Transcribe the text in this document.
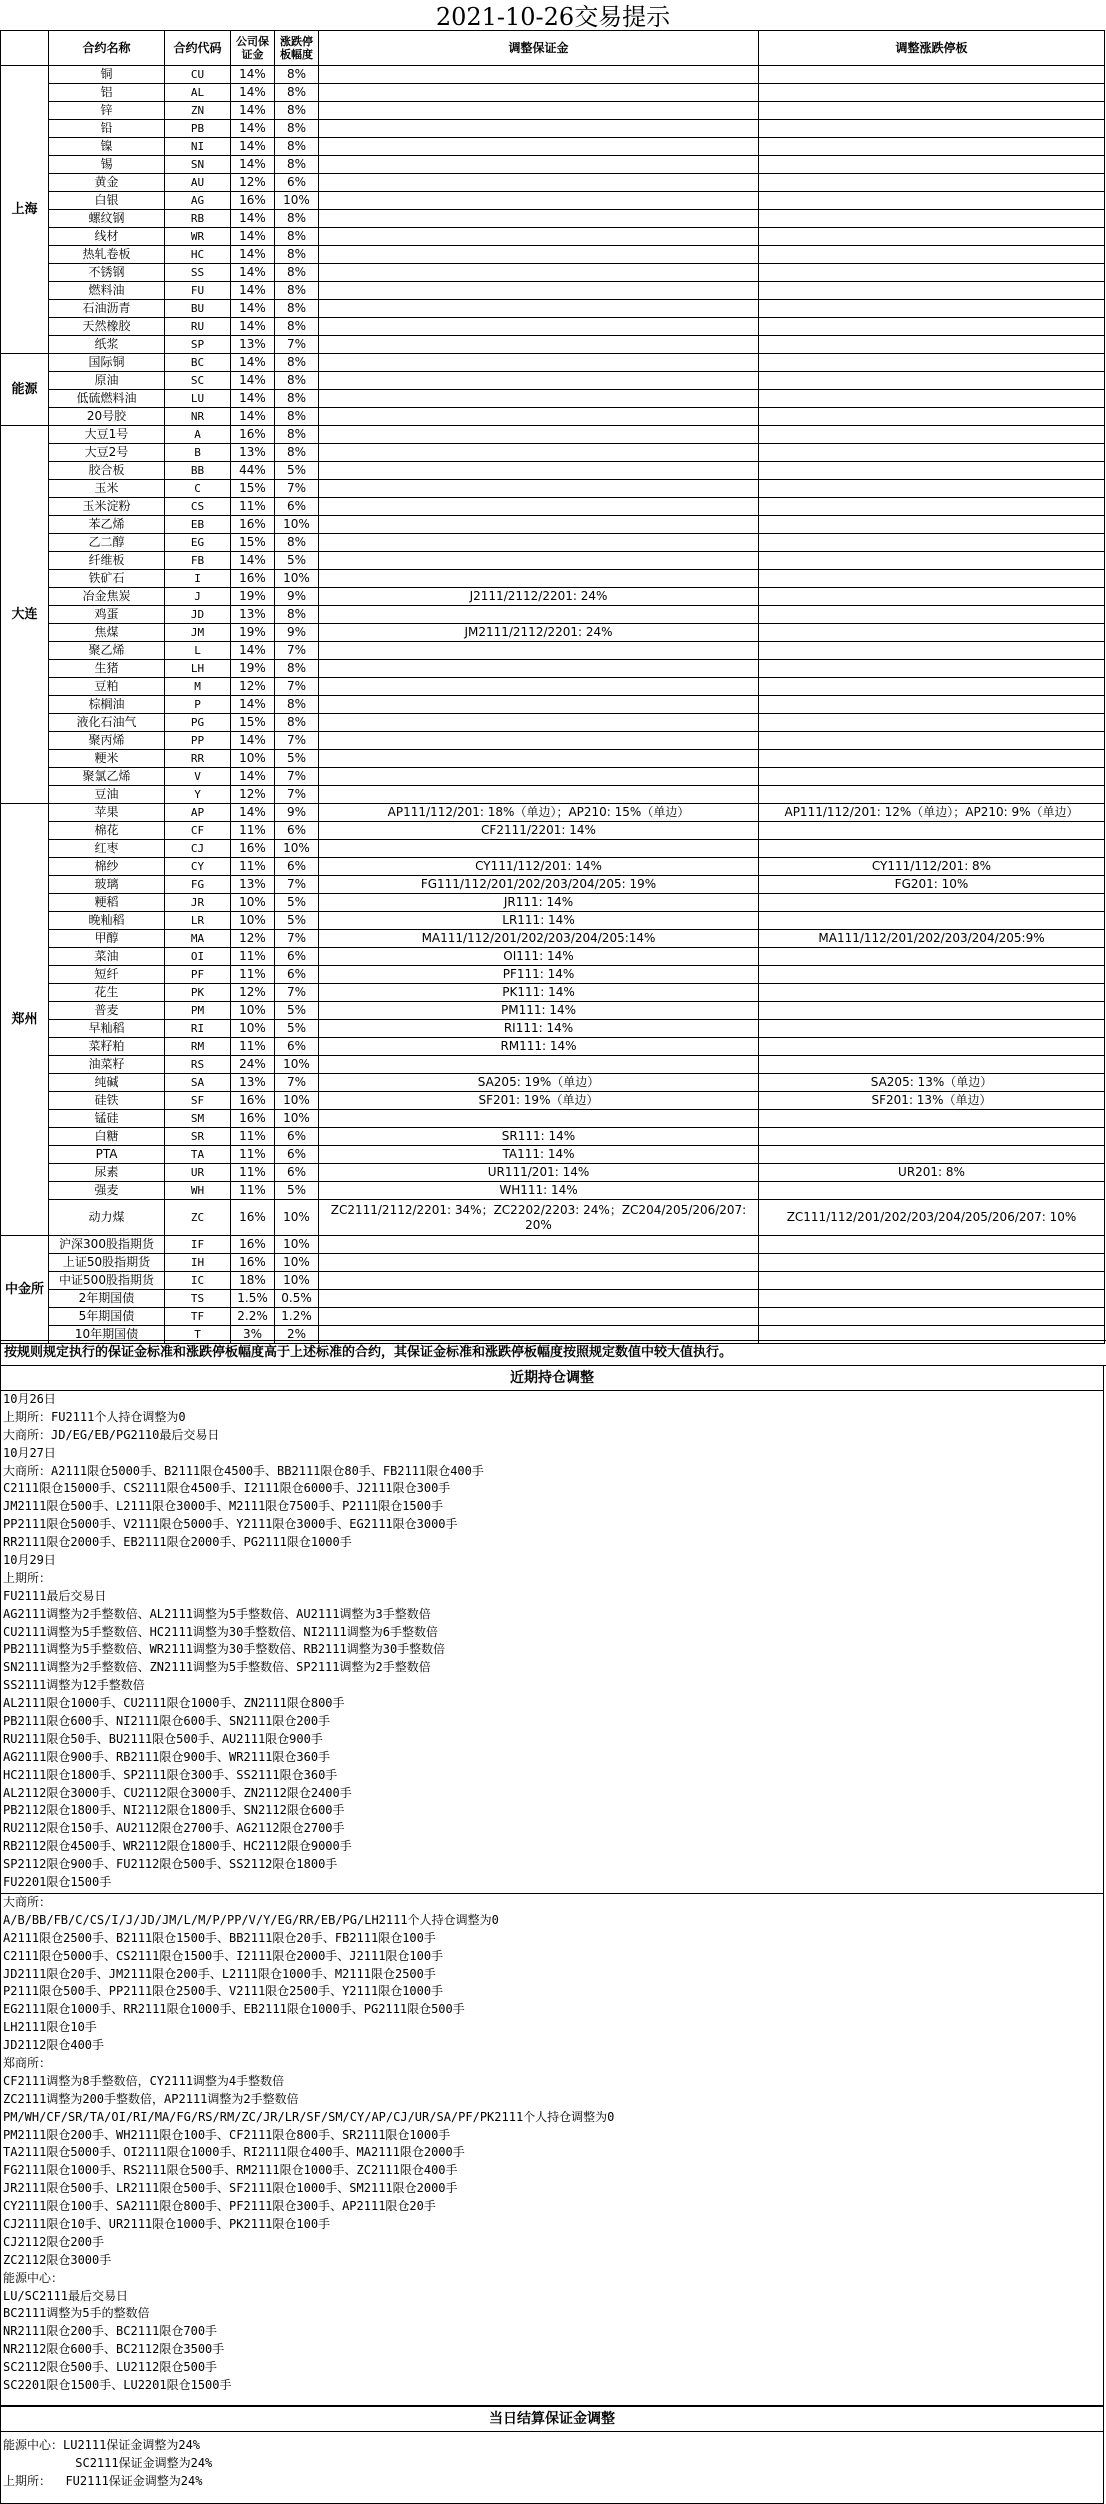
2021-10-26交易提示
	合约名称	合约代码	公司保证金	涨跌停板幅度	调整保证金	调整涨跌停板
上海	铜	CU	14%	8%		
	铝	AL	14%	8%		
	锌	ZN	14%	8%		
	铅	PB	14%	8%		
	镍	NI	14%	8%		
	锡	SN	14%	8%		
	黄金	AU	12%	6%		
	白银	AG	16%	10%		
	螺纹钢	RB	14%	8%		
	线材	WR	14%	8%		
	热轧卷板	HC	14%	8%		
	不锈钢	SS	14%	8%		
	燃料油	FU	14%	8%		
	石油沥青	BU	14%	8%		
	天然橡胶	RU	14%	8%		
	纸浆	SP	13%	7%		
能源	国际铜	BC	14%	8%		
	原油	SC	14%	8%		
	低硫燃料油	LU	14%	8%		
	20号胶	NR	14%	8%		
大连	大豆1号	A	16%	8%		
	大豆2号	B	13%	8%		
	胶合板	BB	44%	5%		
	玉米	C	15%	7%		
	玉米淀粉	CS	11%	6%		
	苯乙烯	EB	16%	10%		
	乙二醇	EG	15%	8%		
	纤维板	FB	14%	5%		
	铁矿石	I	16%	10%		
	冶金焦炭	J	19%	9%	J2111/2112/2201: 24%	
	鸡蛋	JD	13%	8%		
	焦煤	JM	19%	9%	JM2111/2112/2201: 24%	
	聚乙烯	L	14%	7%		
	生猪	LH	19%	8%		
	豆粕	M	12%	7%		
	棕榈油	P	14%	8%		
	液化石油气	PG	15%	8%		
	聚丙烯	PP	14%	7%		
	粳米	RR	10%	5%		
	聚氯乙烯	V	14%	7%		
	豆油	Y	12%	7%		
郑州	苹果	AP	14%	9%	AP111/112/201: 18%（单边）；AP210: 15%（单边）	AP111/112/201: 12%（单边）；AP210: 9%（单边）
	棉花	CF	11%	6%	CF2111/2201: 14%	
	红枣	CJ	16%	10%		
	棉纱	CY	11%	6%	CY111/112/201: 14%	CY111/112/201: 8%
	玻璃	FG	13%	7%	FG111/112/201/202/203/204/205: 19%	FG201: 10%
	粳稻	JR	10%	5%	JR111: 14%	
	晚籼稻	LR	10%	5%	LR111: 14%	
	甲醇	MA	12%	7%	MA111/112/201/202/203/204/205:14%	MA111/112/201/202/203/204/205:9%
	菜油	OI	11%	6%	OI111: 14%	
	短纤	PF	11%	6%	PF111: 14%	
	花生	PK	12%	7%	PK111: 14%	
	普麦	PM	10%	5%	PM111: 14%	
	早籼稻	RI	10%	5%	RI111: 14%	
	菜籽粕	RM	11%	6%	RM111: 14%	
	油菜籽	RS	24%	10%		
	纯碱	SA	13%	7%	SA205: 19%（单边）	SA205: 13%（单边）
	硅铁	SF	16%	10%	SF201: 19%（单边）	SF201: 13%（单边）
	锰硅	SM	16%	10%		
	白糖	SR	11%	6%	SR111: 14%	
	PTA	TA	11%	6%	TA111: 14%	
	尿素	UR	11%	6%	UR111/201: 14%	UR201: 8%
	强麦	WH	11%	5%	WH111: 14%	
	动力煤	ZC	16%	10%	ZC2111/2112/2201: 34%；ZC2202/2203: 24%；ZC204/205/206/207: 20%	ZC111/112/201/202/203/204/205/206/207: 10%
中金所	沪深300股指期货	IF	16%	10%		
	上证50股指期货	IH	16%	10%		
	中证500股指期货	IC	18%	10%		
	2年期国债	TS	1.5%	0.5%		
	5年期国债	TF	2.2%	1.2%		
	10年期国债	T	3%	2%		
按规则规定执行的保证金标准和涨跌停板幅度高于上述标准的合约，其保证金标准和涨跌停板幅度按照规定数值中较大值执行。
近期持仓调整
10月26日
上期所：FU2111个人持仓调整为0
大商所：JD/EG/EB/PG2110最后交易日
10月27日
大商所：A2111限仓5000手、B2111限仓4500手、BB2111限仓80手、FB2111限仓400手
C2111限仓15000手、CS2111限仓4500手、I2111限仓6000手、J2111限仓300手
JM2111限仓500手、L2111限仓3000手、M2111限仓7500手、P2111限仓1500手
PP2111限仓5000手、V2111限仓5000手、Y2111限仓3000手、EG2111限仓3000手
RR2111限仓2000手、EB2111限仓2000手、PG2111限仓1000手
10月29日
上期所：
FU2111最后交易日
AG2111调整为2手整数倍、AL2111调整为5手整数倍、AU2111调整为3手整数倍
CU2111调整为5手整数倍、HC2111调整为30手整数倍、NI2111调整为6手整数倍
PB2111调整为5手整数倍、WR2111调整为30手整数倍、RB2111调整为30手整数倍
SN2111调整为2手整数倍、ZN2111调整为5手整数倍、SP2111调整为2手整数倍
SS2111调整为12手整数倍
AL2111限仓1000手、CU2111限仓1000手、ZN2111限仓800手
PB2111限仓600手、NI2111限仓600手、SN2111限仓200手
RU2111限仓50手、BU2111限仓500手、AU2111限仓900手
AG2111限仓900手、RB2111限仓900手、WR2111限仓360手
HC2111限仓1800手、SP2111限仓300手、SS2111限仓360手
AL2112限仓3000手、CU2112限仓3000手、ZN2112限仓2400手
PB2112限仓1800手、NI2112限仓1800手、SN2112限仓600手
RU2112限仓150手、AU2112限仓2700手、AG2112限仓2700手
RB2112限仓4500手、WR2112限仓1800手、HC2112限仓9000手
SP2112限仓900手、FU2112限仓500手、SS2112限仓1800手
FU2201限仓1500手
大商所：
A/B/BB/FB/C/CS/I/J/JD/JM/L/M/P/PP/V/Y/EG/RR/EB/PG/LH2111个人持仓调整为0
A2111限仓2500手、B2111限仓1500手、BB2111限仓20手、FB2111限仓100手
C2111限仓5000手、CS2111限仓1500手、I2111限仓2000手、J2111限仓100手
JD2111限仓20手、JM2111限仓200手、L2111限仓1000手、M2111限仓2500手
P2111限仓500手、PP2111限仓2500手、V2111限仓2500手、Y2111限仓1000手
EG2111限仓1000手、RR2111限仓1000手、EB2111限仓1000手、PG2111限仓500手
LH2111限仓10手
JD2112限仓400手
郑商所：
CF2111调整为8手整数倍，CY2111调整为4手整数倍
ZC2111调整为200手整数倍，AP2111调整为2手整数倍
PM/WH/CF/SR/TA/OI/RI/MA/FG/RS/RM/ZC/JR/LR/SF/SM/CY/AP/CJ/UR/SA/PF/PK2111个人持仓调整为0
PM2111限仓200手、WH2111限仓100手、CF2111限仓800手、SR2111限仓1000手
TA2111限仓5000手、OI2111限仓1000手、RI2111限仓400手、MA2111限仓2000手
FG2111限仓1000手、RS2111限仓500手、RM2111限仓1000手、ZC2111限仓400手
JR2111限仓500手、LR2111限仓500手、SF2111限仓1000手、SM2111限仓2000手
CY2111限仓100手、SA2111限仓800手、PF2111限仓300手、AP2111限仓20手
CJ2111限仓10手、UR2111限仓1000手、PK2111限仓100手
CJ2112限仓200手
ZC2112限仓3000手
能源中心：
LU/SC2111最后交易日
BC2111调整为5手的整数倍
NR2111限仓200手、BC2111限仓700手
NR2112限仓600手、BC2112限仓3500手
SC2112限仓500手、LU2112限仓500手
SC2201限仓1500手、LU2201限仓1500手
当日结算保证金调整
能源中心：LU2111保证金调整为24%
SC2111保证金调整为24%
上期所：  FU2111保证金调整为24%
